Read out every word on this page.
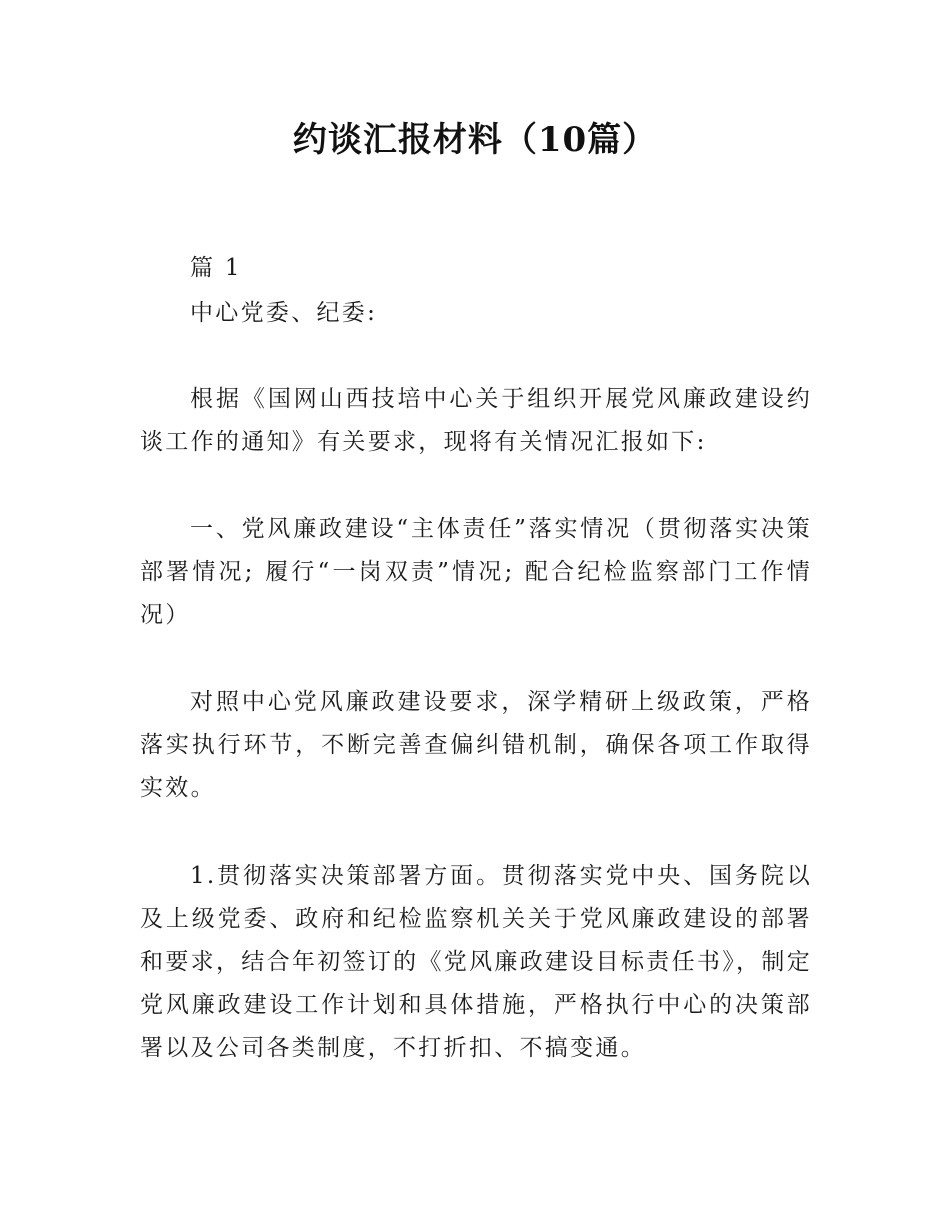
约谈汇报材料（10篇）
篇 1
中心党委、纪委:
根据《国网山西技培中心关于组织开展党风廉政建设约谈工作的通知》有关要求，现将有关情况汇报如下:
一、党风廉政建设“主体责任”落实情况（贯彻落实决策部署情况; 履行“一岗双责”情况; 配合纪检监察部门工作情况）
对照中心党风廉政建设要求，深学精研上级政策，严格落实执行环节，不断完善查偏纠错机制，确保各项工作取得实效。
1.贯彻落实决策部署方面。贯彻落实党中央、国务院以及上级党委、政府和纪检监察机关关于党风廉政建设的部署和要求，结合年初签订的《党风廉政建设目标责任书》，制定党风廉政建设工作计划和具体措施，严格执行中心的决策部署以及公司各类制度，不打折扣、不搞变通。
